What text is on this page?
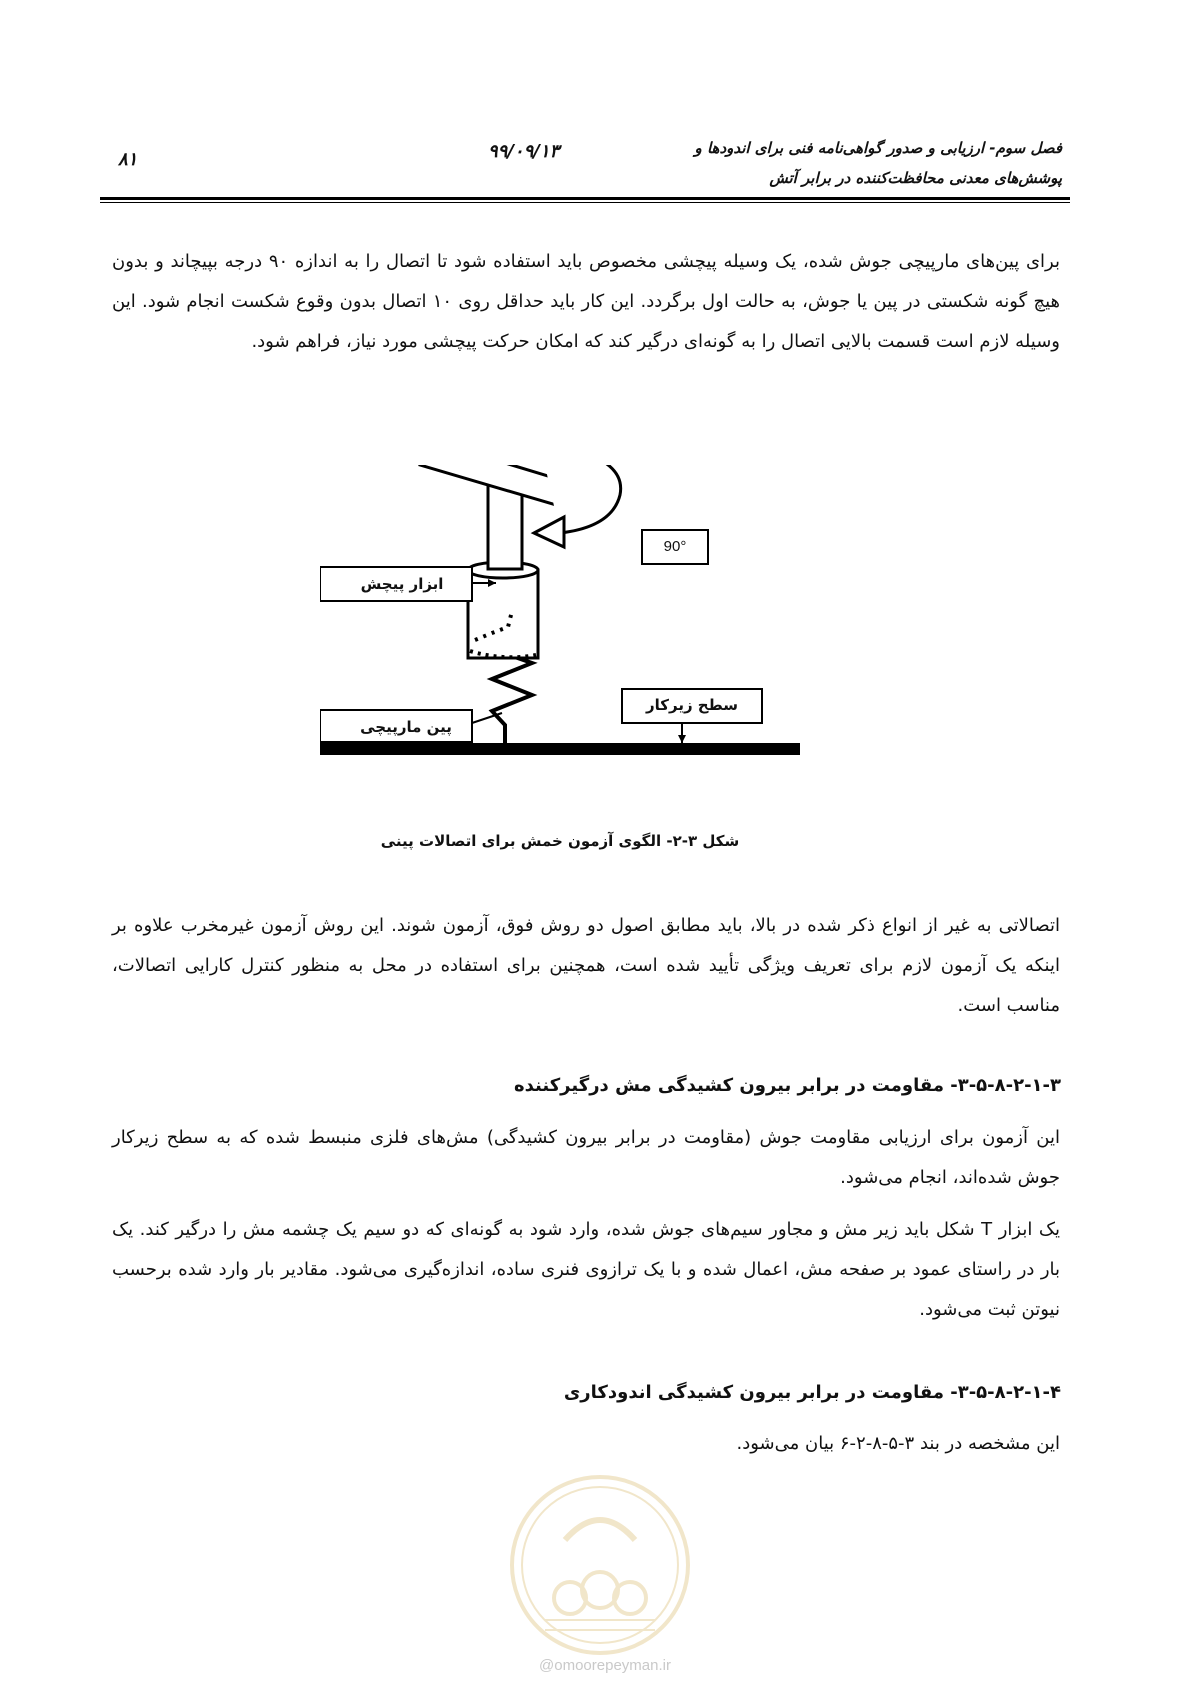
۸۱	۹۹/۰۹/۱۳	فصل سوم- ارزیابی و صدور گواهی‌نامه فنی برای اندودها و
پوشش‌های معدنی محافظت‌کننده در برابر آتش
برای پین‌های مارپیچی جوش شده، یک وسیله پیچشی مخصوص باید استفاده شود تا اتصال را به اندازه ۹۰ درجه بپیچاند و بدون هیچ گونه شکستی در پین یا جوش، به حالت اول برگردد. این کار باید حداقل روی ۱۰ اتصال بدون وقوع شکست انجام شود. این وسیله لازم است قسمت بالایی اتصال را به گونه‌ای درگیر کند که امکان حرکت پیچشی مورد نیاز، فراهم شود.
ابزار پیچش
پین مارپیچی
سطح زیرکار
90°
شکل ۳-۲- الگوی آزمون خمش برای اتصالات پینی
اتصالاتی به غیر از انواع ذکر شده در بالا، باید مطابق اصول دو روش فوق، آزمون شوند. این روش آزمون غیرمخرب علاوه بر اینکه یک آزمون لازم برای تعریف ویژگی تأیید شده است، همچنین برای استفاده در محل به منظور کنترل کارایی اتصالات، مناسب است.
۳-۵-۸-۲-۱-۳- مقاومت در برابر بیرون کشیدگی مش درگیرکننده
این آزمون برای ارزیابی مقاومت جوش (مقاومت در برابر بیرون کشیدگی) مش‌های فلزی منبسط شده که به سطح زیرکار جوش شده‌اند، انجام می‌شود.
یک ابزار T شکل باید زیر مش و مجاور سیم‌های جوش شده، وارد شود به گونه‌ای که دو سیم یک چشمه مش را درگیر کند. یک بار در راستای عمود بر صفحه مش، اعمال شده و با یک ترازوی فنری ساده، اندازه‌گیری می‌شود. مقادیر بار وارد شده برحسب نیوتن ثبت می‌شود.
۳-۵-۸-۲-۱-۴- مقاومت در برابر بیرون کشیدگی اندودکاری
این مشخصه در بند ۳-۵-۸-۲-۶ بیان می‌شود.
@omoorepeyman.ir
